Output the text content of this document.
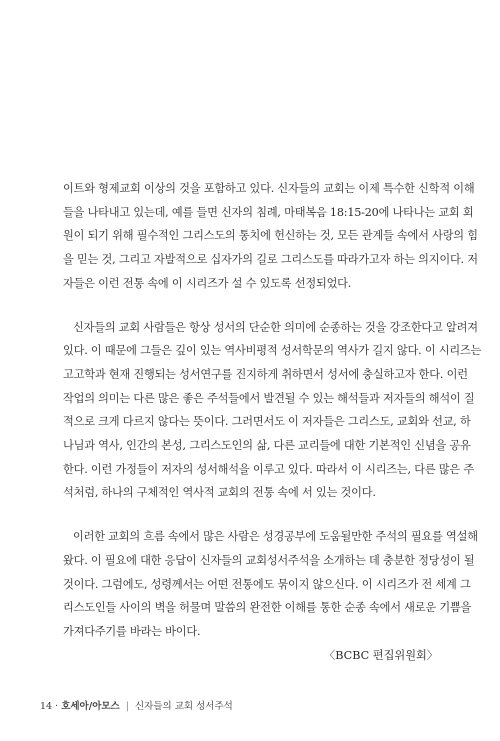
이트와 형제교회 이상의 것을 포함하고 있다. 신자들의 교회는 이제 특수한 신학적 이해
들을 나타내고 있는데, 예를 들면 신자의 침례, 마태복음 18:15-20에 나타나는 교회 회
원이 되기 위해 필수적인 그리스도의 통치에 헌신하는 것, 모든 관계들 속에서 사랑의 힘
을 믿는 것, 그리고 자발적으로 십자가의 길로 그리스도를 따라가고자 하는 의지이다. 저
자들은 이런 전통 속에 이 시리즈가 설 수 있도록 선정되었다.

신자들의 교회 사람들은 항상 성서의 단순한 의미에 순종하는 것을 강조한다고 알려져
있다. 이 때문에 그들은 깊이 있는 역사비평적 성서학문의 역사가 길지 않다. 이 시리즈는
고고학과 현재 진행되는 성서연구를 진지하게 취하면서 성서에 충실하고자 한다. 이런
작업의 의미는 다른 많은 좋은 주석들에서 발견될 수 있는 해석들과 저자들의 해석이 질
적으로 크게 다르지 않다는 뜻이다. 그러면서도 이 저자들은 그리스도, 교회와 선교, 하
나님과 역사, 인간의 본성, 그리스도인의 삶, 다른 교리들에 대한 기본적인 신념을 공유
한다. 이런 가정들이 저자의 성서해석을 이루고 있다. 따라서 이 시리즈는, 다른 많은 주
석처럼, 하나의 구체적인 역사적 교회의 전통 속에 서 있는 것이다.

이러한 교회의 흐름 속에서 많은 사람은 성경공부에 도움될만한 주석의 필요를 역설해
왔다. 이 필요에 대한 응답이 신자들의 교회성서주석을 소개하는 데 충분한 정당성이 될
것이다. 그럼에도, 성령께서는 어떤 전통에도 묶이지 않으신다. 이 시리즈가 전 세계 그
리스도인들 사이의 벽을 허물며 말씀의 완전한 이해를 통한 순종 속에서 새로운 기쁨을
가져다주기를 바라는 바이다.

〈BCBC 편집위원회〉
14 · 호세아/아모스 | 신자들의 교회 성서주석
